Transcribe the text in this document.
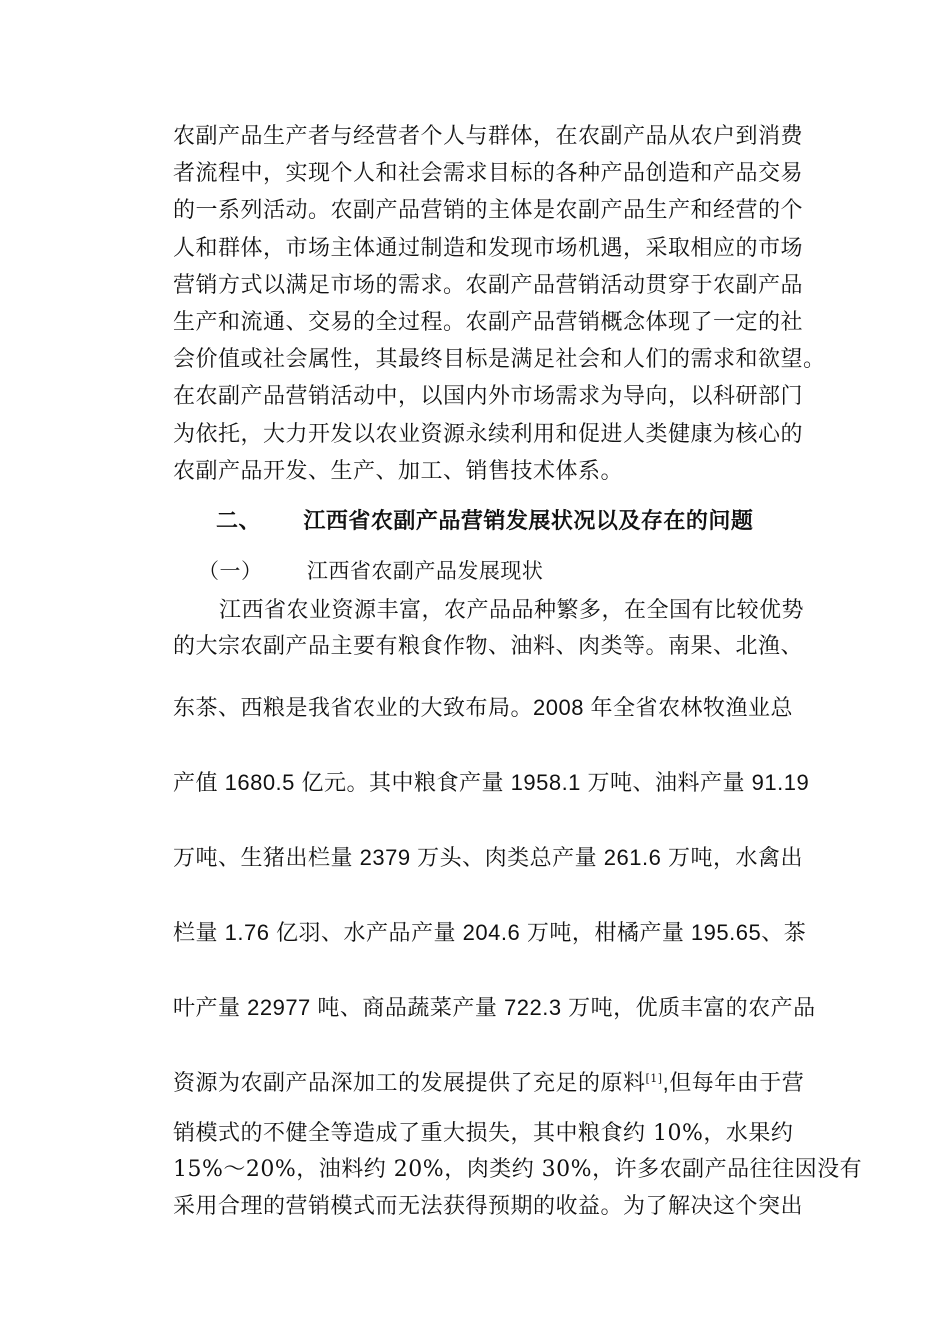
农副产品生产者与经营者个人与群体，在农副产品从农户到消费
者流程中，实现个人和社会需求目标的各种产品创造和产品交易
的一系列活动。农副产品营销的主体是农副产品生产和经营的个
人和群体，市场主体通过制造和发现市场机遇，采取相应的市场
营销方式以满足市场的需求。农副产品营销活动贯穿于农副产品
生产和流通、交易的全过程。农副产品营销概念体现了一定的社
会价值或社会属性，其最终目标是满足社会和人们的需求和欲望。
在农副产品营销活动中，以国内外市场需求为导向，以科研部门
为依托，大力开发以农业资源永续利用和促进人类健康为核心的
农副产品开发、生产、加工、销售技术体系。
二、 江西省农副产品营销发展状况以及存在的问题
（一） 江西省农副产品发展现状
江西省农业资源丰富，农产品品种繁多，在全国有比较优势
的大宗农副产品主要有粮食作物、油料、肉类等。南果、北渔、
东茶、西粮是我省农业的大致布局。2008 年全省农林牧渔业总
产值 1680.5 亿元。其中粮食产量 1958.1 万吨、油料产量 91.19
万吨、生猪出栏量 2379 万头、肉类总产量 261.6 万吨，水禽出
栏量 1.76 亿羽、水产品产量 204.6 万吨，柑橘产量 195.65、茶
叶产量 22977 吨、商品蔬菜产量 722.3 万吨，优质丰富的农产品
资源为农副产品深加工的发展提供了充足的原料[1],但每年由于营
销模式的不健全等造成了重大损失，其中粮食约 10%，水果约
15%～20%，油料约 20%，肉类约 30%，许多农副产品往往因没有
采用合理的营销模式而无法获得预期的收益。为了解决这个突出
